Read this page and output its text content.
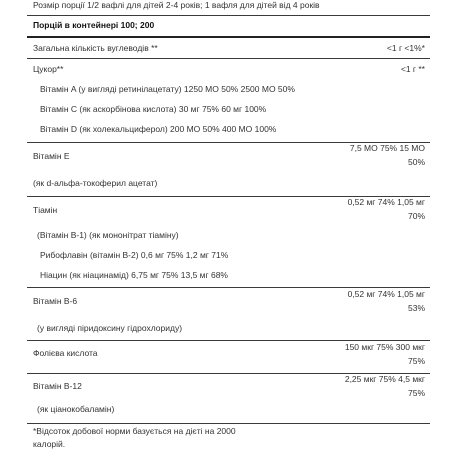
Розмір порції 1/2 вафлі для дітей 2-4 років; 1 вафля для дітей від 4 років
Порцій в контейнері 100; 200
Загальна кількість вуглеводів **	<1 г <1%*
Цукор**	<1 г **
Вітамін A (у вигляді ретинілацетату) 1250 МО 50% 2500 МО 50%
Вітамін С (як аскорбінова кислота) 30 мг 75% 60 мг 100%
Вітамін D (як холекальциферол) 200 МО 50% 400 МО 100%
Вітамін Е
7,5 МО 75% 15 МО
50%
(як d-альфа-токоферил ацетат)
Тіамін
0,52 мг 74% 1,05 мг
70%
(Вітамін В-1) (як мононітрат тіаміну)
Рибофлавін (вітамін В-2) 0,6 мг 75% 1,2 мг 71%
Ніацин (як ніацинамід) 6,75 мг 75% 13,5 мг 68%
Вітамін В-6
0,52 мг 74% 1,05 мг
53%
(у вигляді піридоксину гідрохлориду)
Фолієва кислота
150 мкг 75% 300 мкг
75%
Вітамін В-12
2,25 мкг 75% 4,5 мкг
75%
(як ціанокобаламін)
*Відсоток добової норми базується на дієті на 2000
калорій.
